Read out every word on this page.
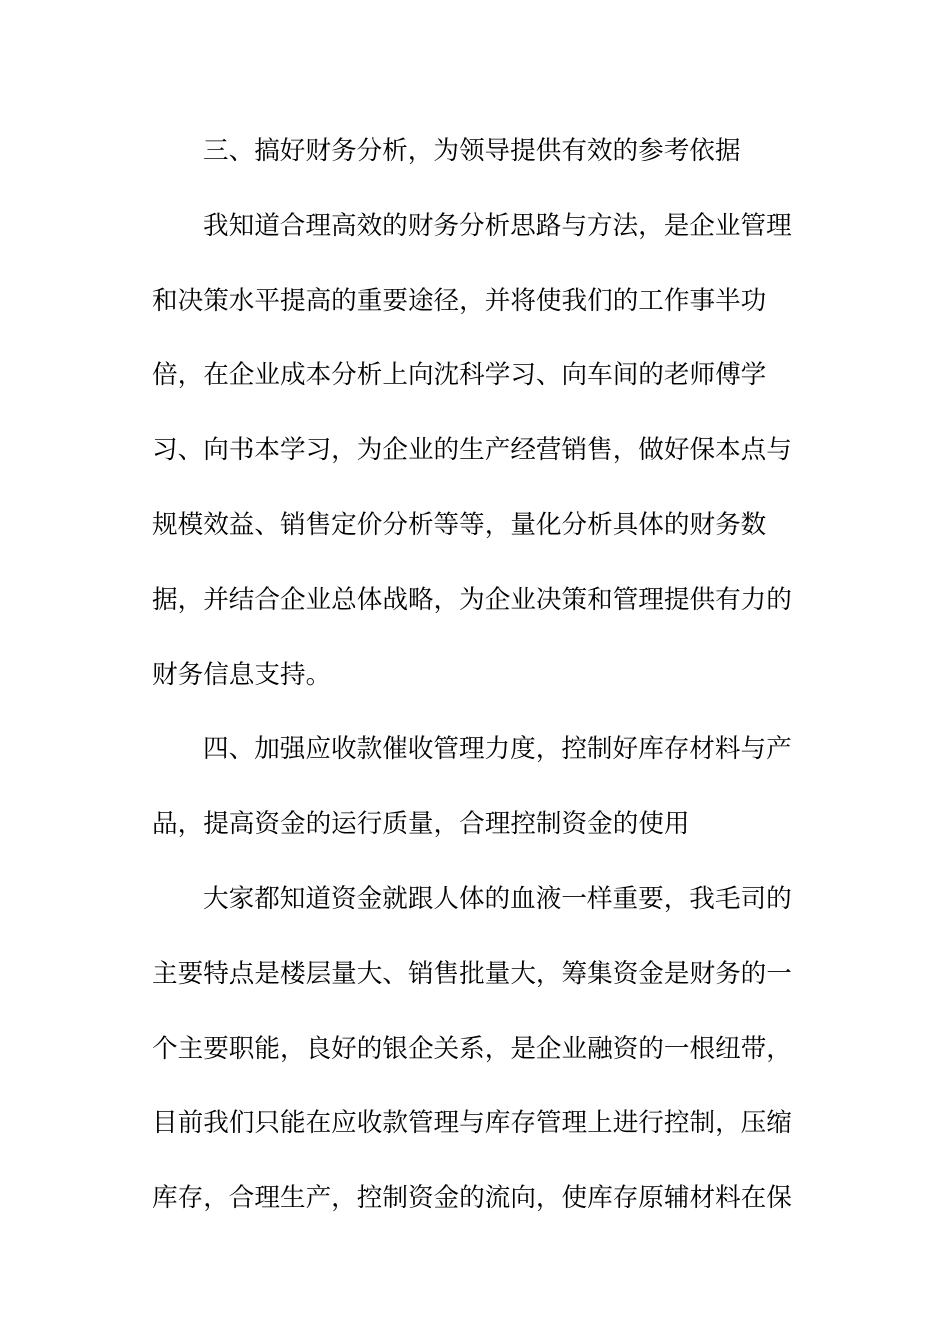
三、搞好财务分析，为领导提供有效的参考依据
我知道合理高效的财务分析思路与方法，是企业管理
和决策水平提高的重要途径，并将使我们的工作事半功
倍，在企业成本分析上向沈科学习、向车间的老师傅学
习、向书本学习，为企业的生产经营销售，做好保本点与
规模效益、销售定价分析等等，量化分析具体的财务数
据，并结合企业总体战略，为企业决策和管理提供有力的
财务信息支持。
四、加强应收款催收管理力度，控制好库存材料与产
品，提高资金的运行质量，合理控制资金的使用
大家都知道资金就跟人体的血液一样重要，我毛司的
主要特点是楼层量大、销售批量大，筹集资金是财务的一
个主要职能，良好的银企关系，是企业融资的一根纽带，
目前我们只能在应收款管理与库存管理上进行控制，压缩
库存，合理生产，控制资金的流向，使库存原辅材料在保
